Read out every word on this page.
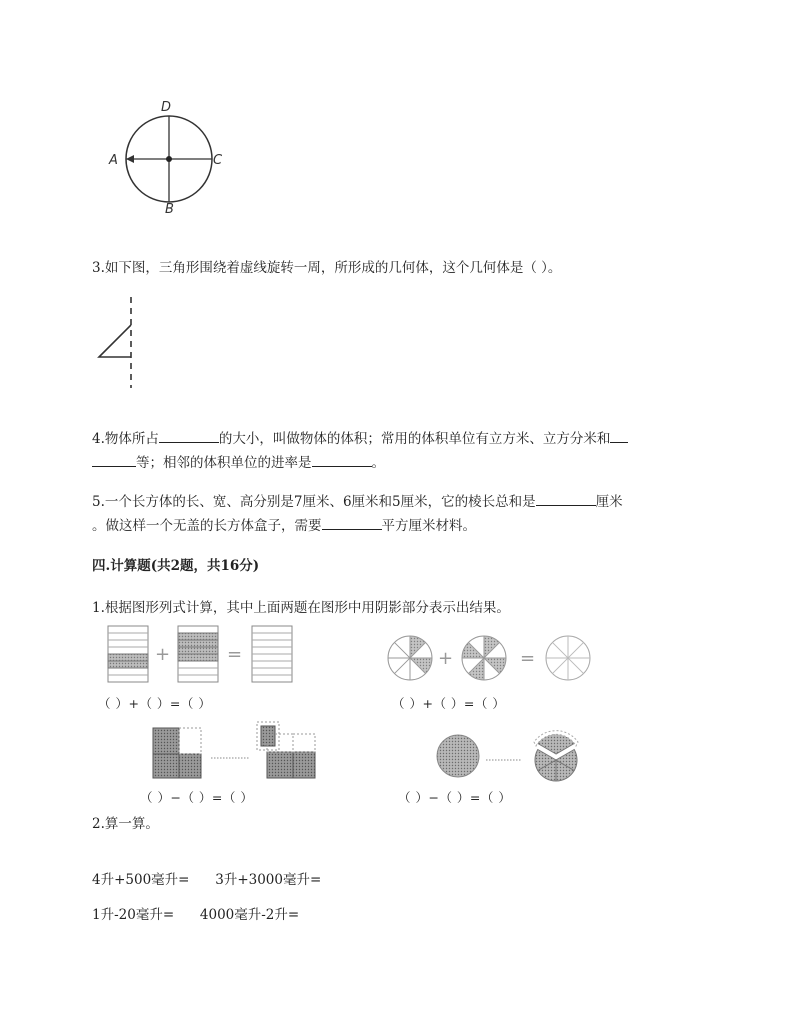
D
A	C
B
3.如下图，三角形围绕着虚线旋转一周，所形成的几何体，这个几何体是（ ）。
4.物体所占	的大小，叫做物体的体积；常用的体积单位有立方米、立方分米和
等；相邻的体积单位的进率是	。
5.一个长方体的长、宽、高分别是7厘米、6厘米和5厘米，它的棱长总和是	厘米
。做这样一个无盖的长方体盒子，需要	平方厘米材料。
四.计算题(共2题，共16分)
1.根据图形列式计算，其中上面两题在图形中用阴影部分表示出结果。
+	=	+	=
（ ）+（ ）=（ ）	（ ）+（ ）=（ ）
（ ）−（ ）=（ ）	（ ）−（ ）=（ ）
2.算一算。
4升+500毫升=      3升+3000毫升=
1升-20毫升=      4000毫升-2升=
